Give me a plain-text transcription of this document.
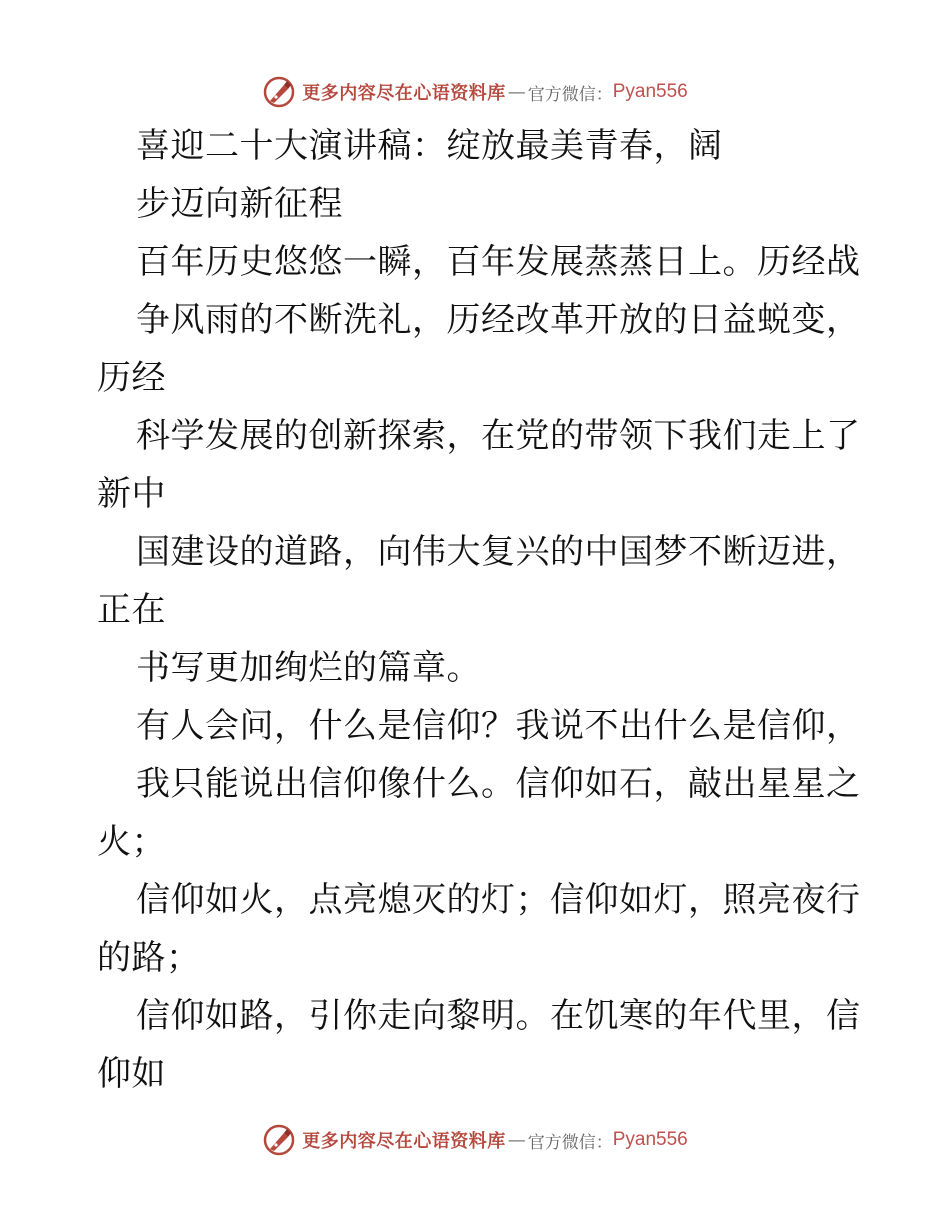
更多内容尽在心语资料库 — 官方微信： Pyan556
喜迎二十大演讲稿：绽放最美青春，阔
步迈向新征程
百年历史悠悠一瞬，百年发展蒸蒸日上。历经战
争风雨的不断洗礼，历经改革开放的日益蜕变，
历经
科学发展的创新探索，在党的带领下我们走上了
新中
国建设的道路，向伟大复兴的中国梦不断迈进，
正在
书写更加绚烂的篇章。
有人会问，什么是信仰？我说不出什么是信仰，
我只能说出信仰像什么。信仰如石，敲出星星之
火；
信仰如火，点亮熄灭的灯；信仰如灯，照亮夜行
的路；
信仰如路，引你走向黎明。在饥寒的年代里，信
仰如
更多内容尽在心语资料库 — 官方微信： Pyan556
